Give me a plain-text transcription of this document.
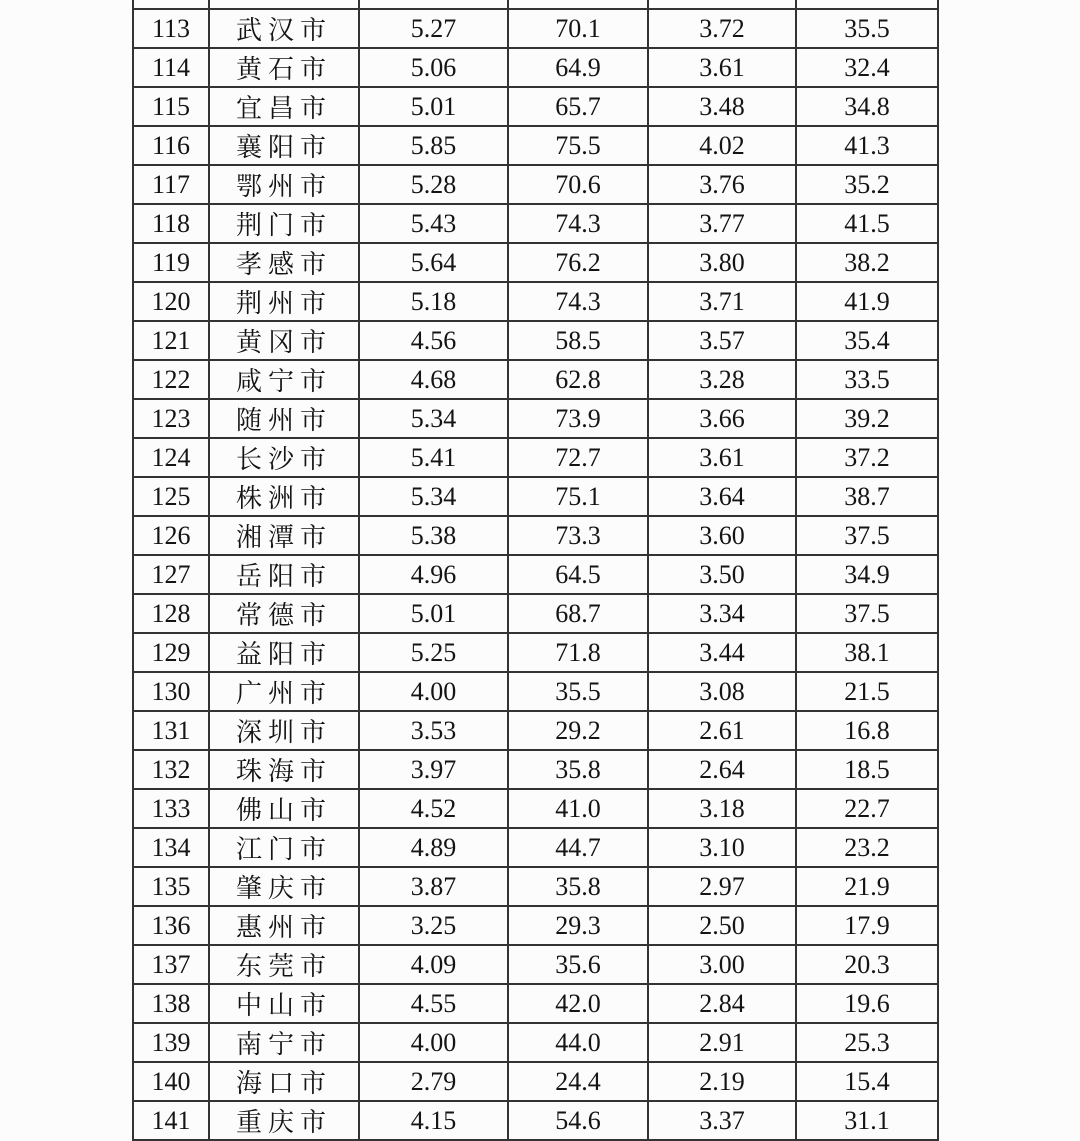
113	武汉市	5.27	70.1	3.72	35.5
114	黄石市	5.06	64.9	3.61	32.4
115	宜昌市	5.01	65.7	3.48	34.8
116	襄阳市	5.85	75.5	4.02	41.3
117	鄂州市	5.28	70.6	3.76	35.2
118	荆门市	5.43	74.3	3.77	41.5
119	孝感市	5.64	76.2	3.80	38.2
120	荆州市	5.18	74.3	3.71	41.9
121	黄冈市	4.56	58.5	3.57	35.4
122	咸宁市	4.68	62.8	3.28	33.5
123	随州市	5.34	73.9	3.66	39.2
124	长沙市	5.41	72.7	3.61	37.2
125	株洲市	5.34	75.1	3.64	38.7
126	湘潭市	5.38	73.3	3.60	37.5
127	岳阳市	4.96	64.5	3.50	34.9
128	常德市	5.01	68.7	3.34	37.5
129	益阳市	5.25	71.8	3.44	38.1
130	广州市	4.00	35.5	3.08	21.5
131	深圳市	3.53	29.2	2.61	16.8
132	珠海市	3.97	35.8	2.64	18.5
133	佛山市	4.52	41.0	3.18	22.7
134	江门市	4.89	44.7	3.10	23.2
135	肇庆市	3.87	35.8	2.97	21.9
136	惠州市	3.25	29.3	2.50	17.9
137	东莞市	4.09	35.6	3.00	20.3
138	中山市	4.55	42.0	2.84	19.6
139	南宁市	4.00	44.0	2.91	25.3
140	海口市	2.79	24.4	2.19	15.4
141	重庆市	4.15	54.6	3.37	31.1
